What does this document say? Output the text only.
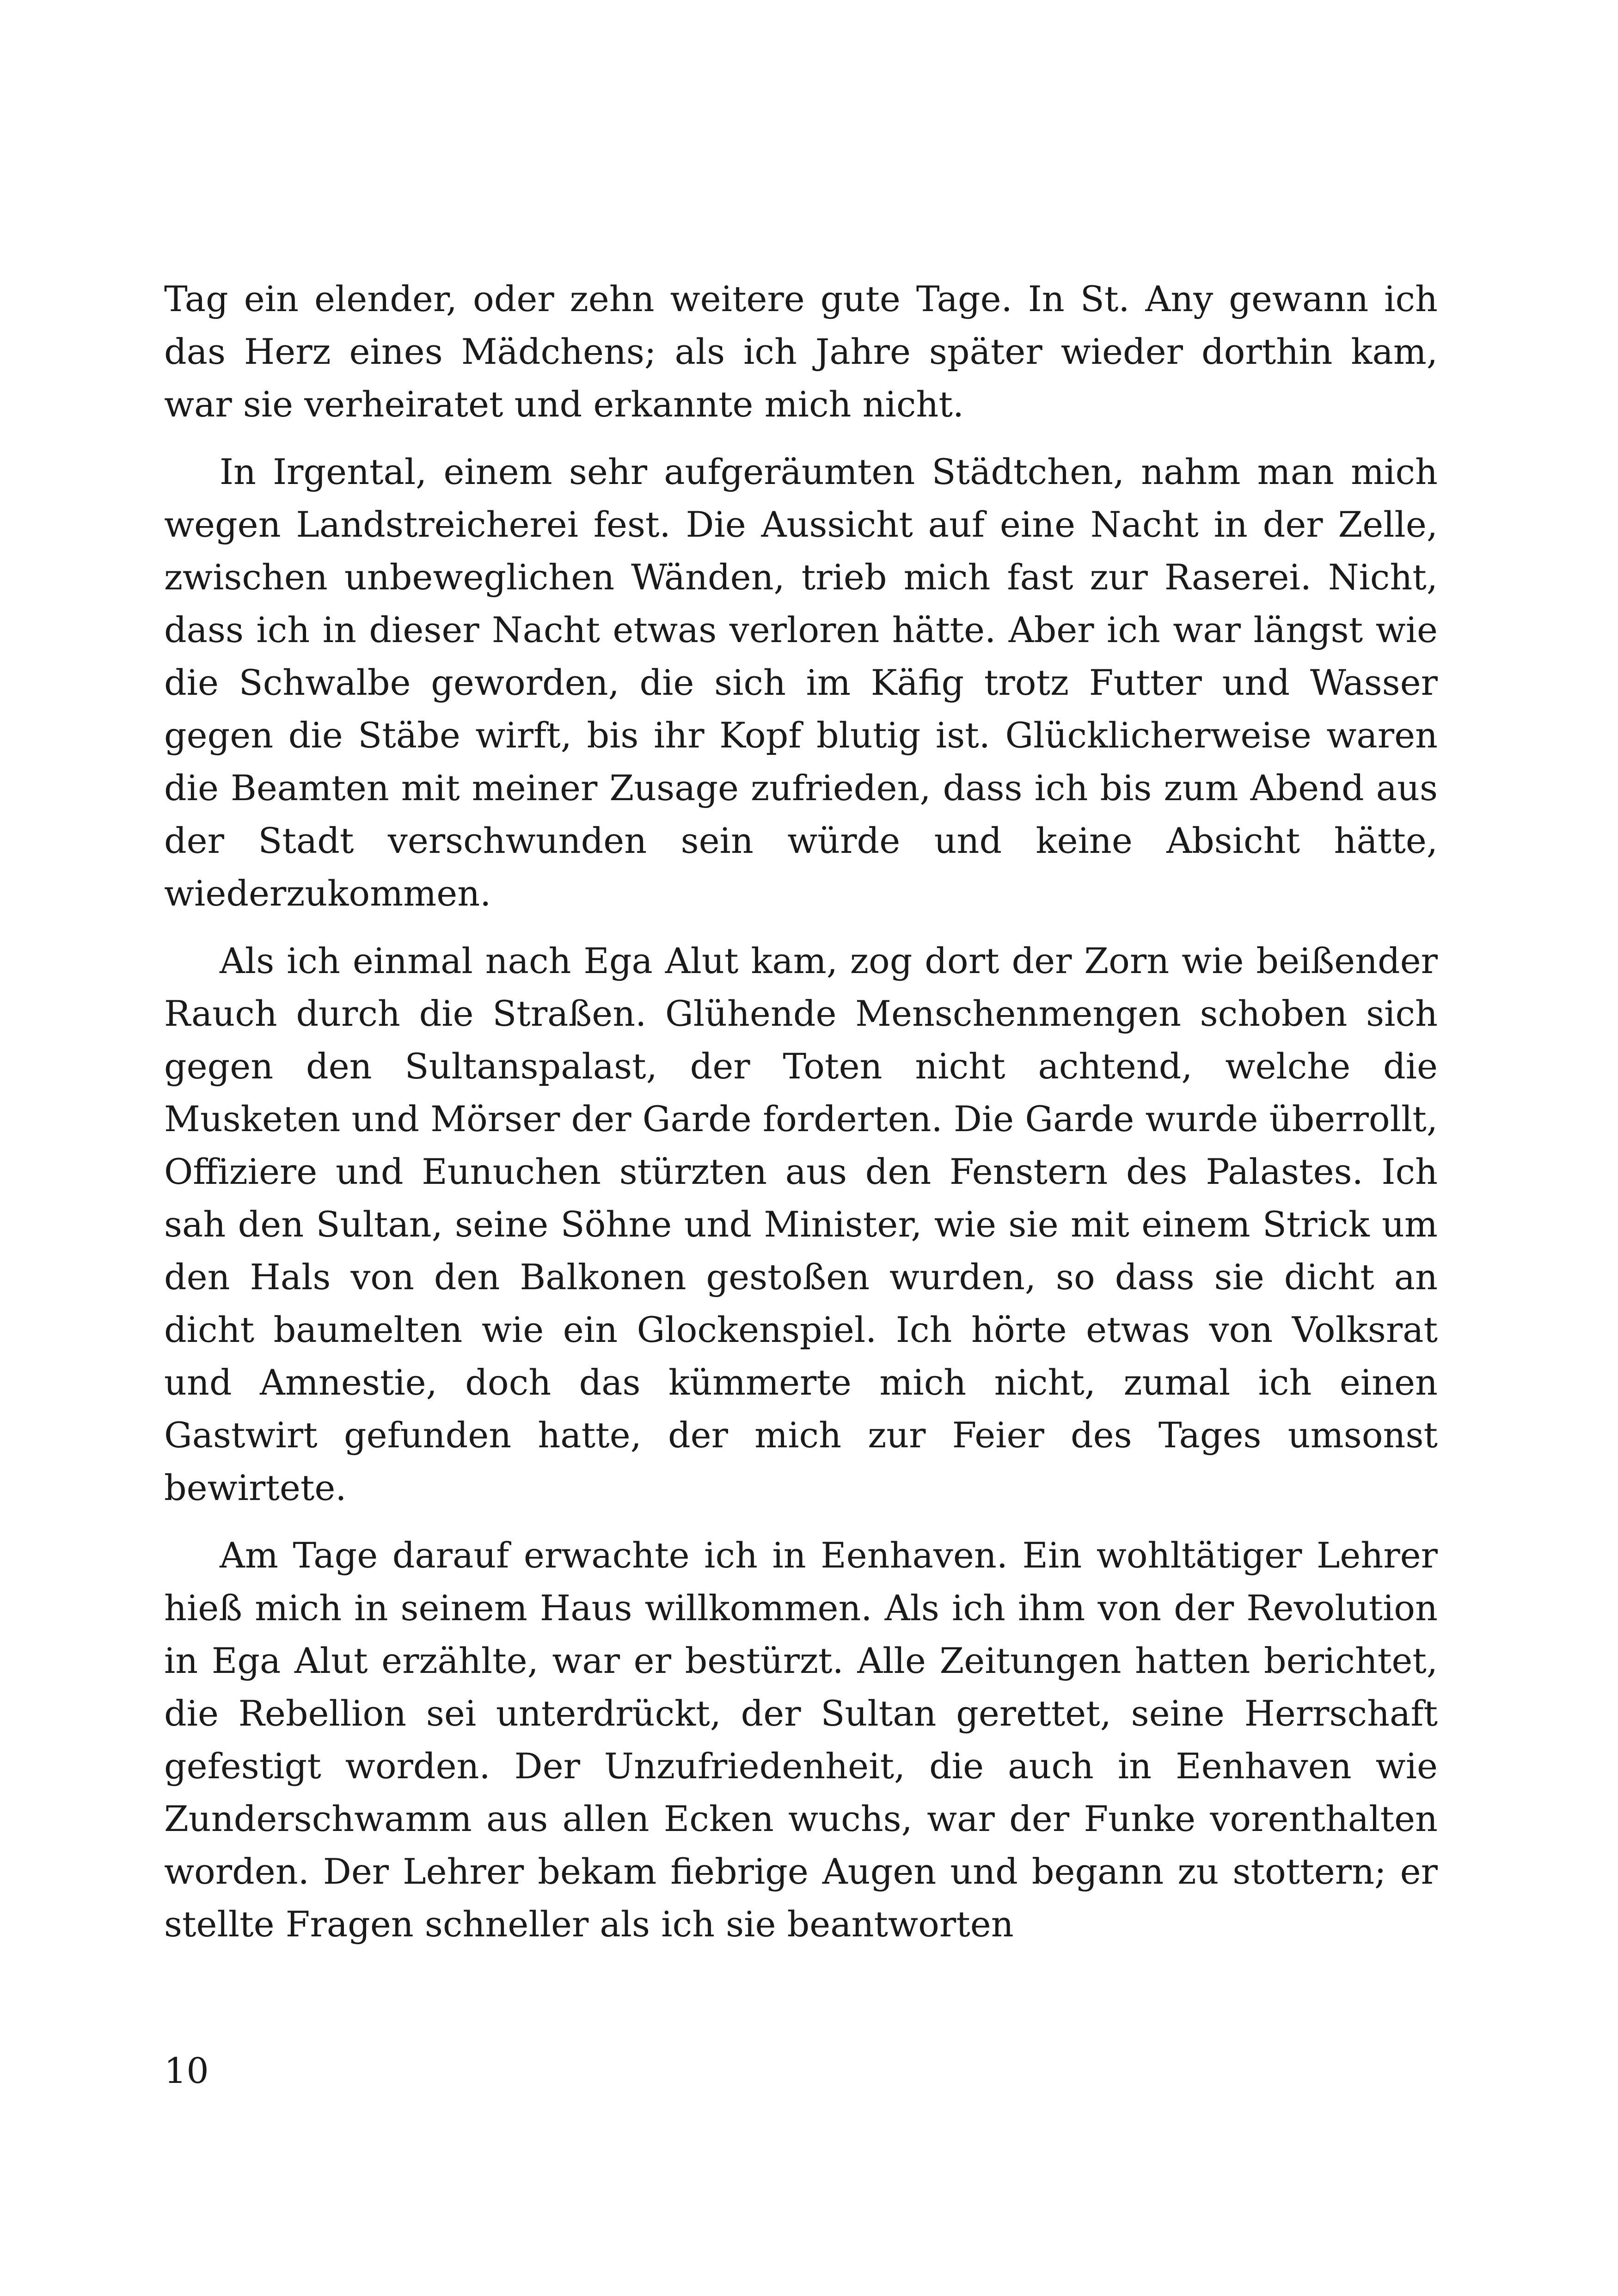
Tag ein elender, oder zehn weitere gute Tage. In St. Any gewann ich das Herz eines Mädchens; als ich Jahre später wieder dorthin kam, war sie verheiratet und erkannte mich nicht.

In Irgental, einem sehr aufgeräumten Städtchen, nahm man mich wegen Landstreicherei fest. Die Aussicht auf eine Nacht in der Zelle, zwischen unbeweglichen Wänden, trieb mich fast zur Raserei. Nicht, dass ich in dieser Nacht etwas verloren hätte. Aber ich war längst wie die Schwalbe geworden, die sich im Käfig trotz Futter und Wasser gegen die Stäbe wirft, bis ihr Kopf blutig ist. Glücklicherweise waren die Beamten mit meiner Zusage zufrieden, dass ich bis zum Abend aus der Stadt verschwunden sein würde und keine Absicht hätte, wiederzukommen.

Als ich einmal nach Ega Alut kam, zog dort der Zorn wie beißender Rauch durch die Straßen. Glühende Menschenmengen schoben sich gegen den Sultanspalast, der Toten nicht achtend, welche die Musketen und Mörser der Garde forderten. Die Garde wurde überrollt, Offiziere und Eunuchen stürzten aus den Fenstern des Palastes. Ich sah den Sultan, seine Söhne und Minister, wie sie mit einem Strick um den Hals von den Balkonen gestoßen wurden, so dass sie dicht an dicht baumelten wie ein Glockenspiel. Ich hörte etwas von Volksrat und Amnestie, doch das kümmerte mich nicht, zumal ich einen Gastwirt gefunden hatte, der mich zur Feier des Tages umsonst bewirtete.

Am Tage darauf erwachte ich in Eenhaven. Ein wohltätiger Lehrer hieß mich in seinem Haus willkommen. Als ich ihm von der Revolution in Ega Alut erzählte, war er bestürzt. Alle Zeitungen hatten berichtet, die Rebellion sei unterdrückt, der Sultan gerettet, seine Herrschaft gefestigt worden. Der Unzufriedenheit, die auch in Eenhaven wie Zunderschwamm aus allen Ecken wuchs, war der Funke vorenthalten worden. Der Lehrer bekam fiebrige Augen und begann zu stottern; er stellte Fragen schneller als ich sie beantworten

10
